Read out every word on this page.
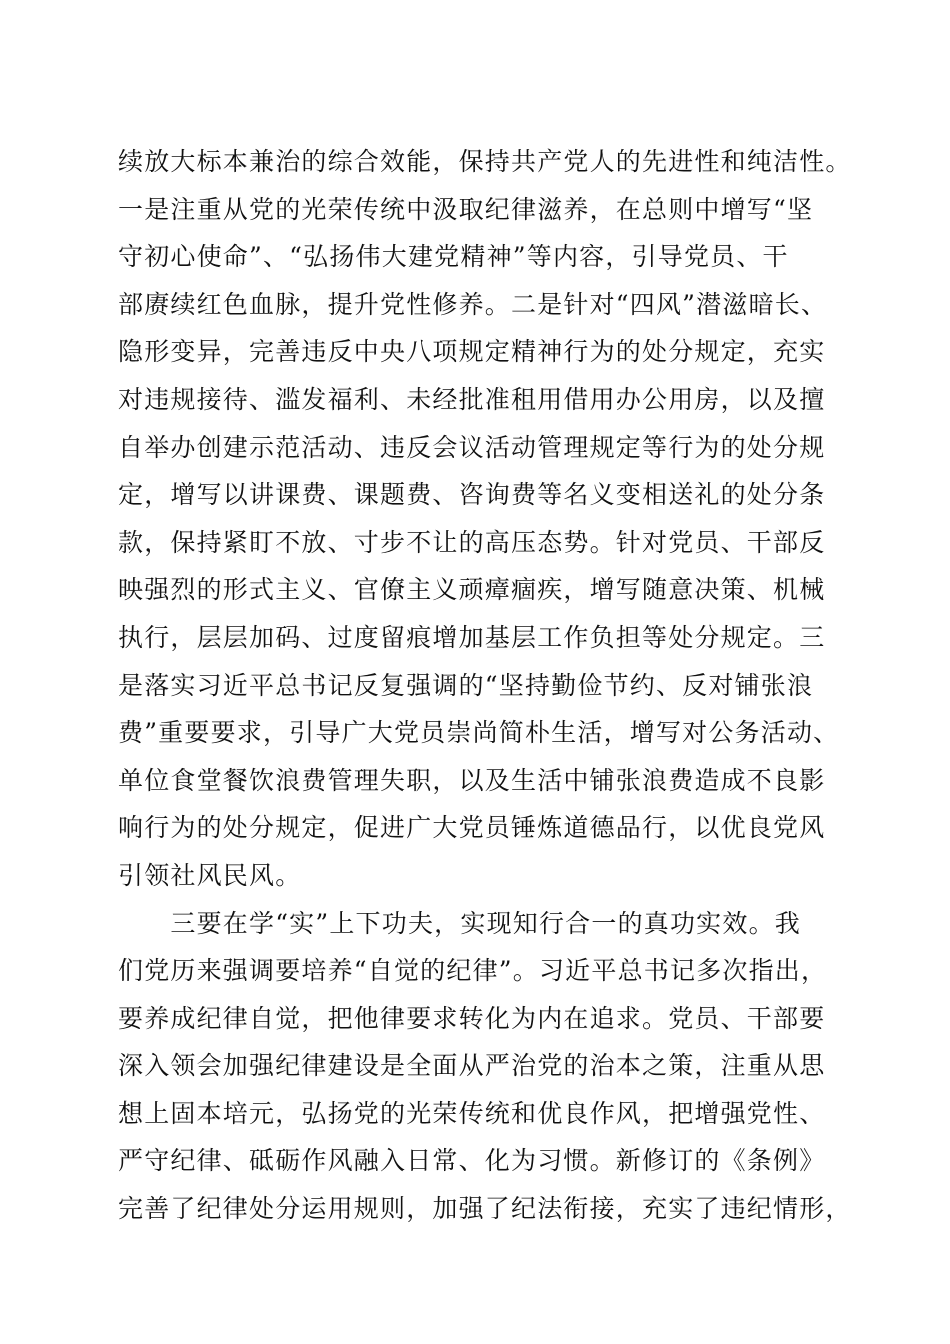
续放大标本兼治的综合效能，保持共产党人的先进性和纯洁性。
一是注重从党的光荣传统中汲取纪律滋养，在总则中增写“坚
守初心使命”、“弘扬伟大建党精神”等内容，引导党员、干
部赓续红色血脉，提升党性修养。二是针对“四风”潜滋暗长、
隐形变异，完善违反中央八项规定精神行为的处分规定，充实
对违规接待、滥发福利、未经批准租用借用办公用房，以及擅
自举办创建示范活动、违反会议活动管理规定等行为的处分规
定，增写以讲课费、课题费、咨询费等名义变相送礼的处分条
款，保持紧盯不放、寸步不让的高压态势。针对党员、干部反
映强烈的形式主义、官僚主义顽瘴痼疾，增写随意决策、机械
执行，层层加码、过度留痕增加基层工作负担等处分规定。三
是落实习近平总书记反复强调的“坚持勤俭节约、反对铺张浪
费”重要要求，引导广大党员崇尚简朴生活，增写对公务活动、
单位食堂餐饮浪费管理失职，以及生活中铺张浪费造成不良影
响行为的处分规定，促进广大党员锤炼道德品行，以优良党风
引领社风民风。
　　三要在学“实”上下功夫，实现知行合一的真功实效。我
们党历来强调要培养“自觉的纪律”。习近平总书记多次指出，
要养成纪律自觉，把他律要求转化为内在追求。党员、干部要
深入领会加强纪律建设是全面从严治党的治本之策，注重从思
想上固本培元，弘扬党的光荣传统和优良作风，把增强党性、
严守纪律、砥砺作风融入日常、化为习惯。新修订的《条例》
完善了纪律处分运用规则，加强了纪法衔接，充实了违纪情形，
